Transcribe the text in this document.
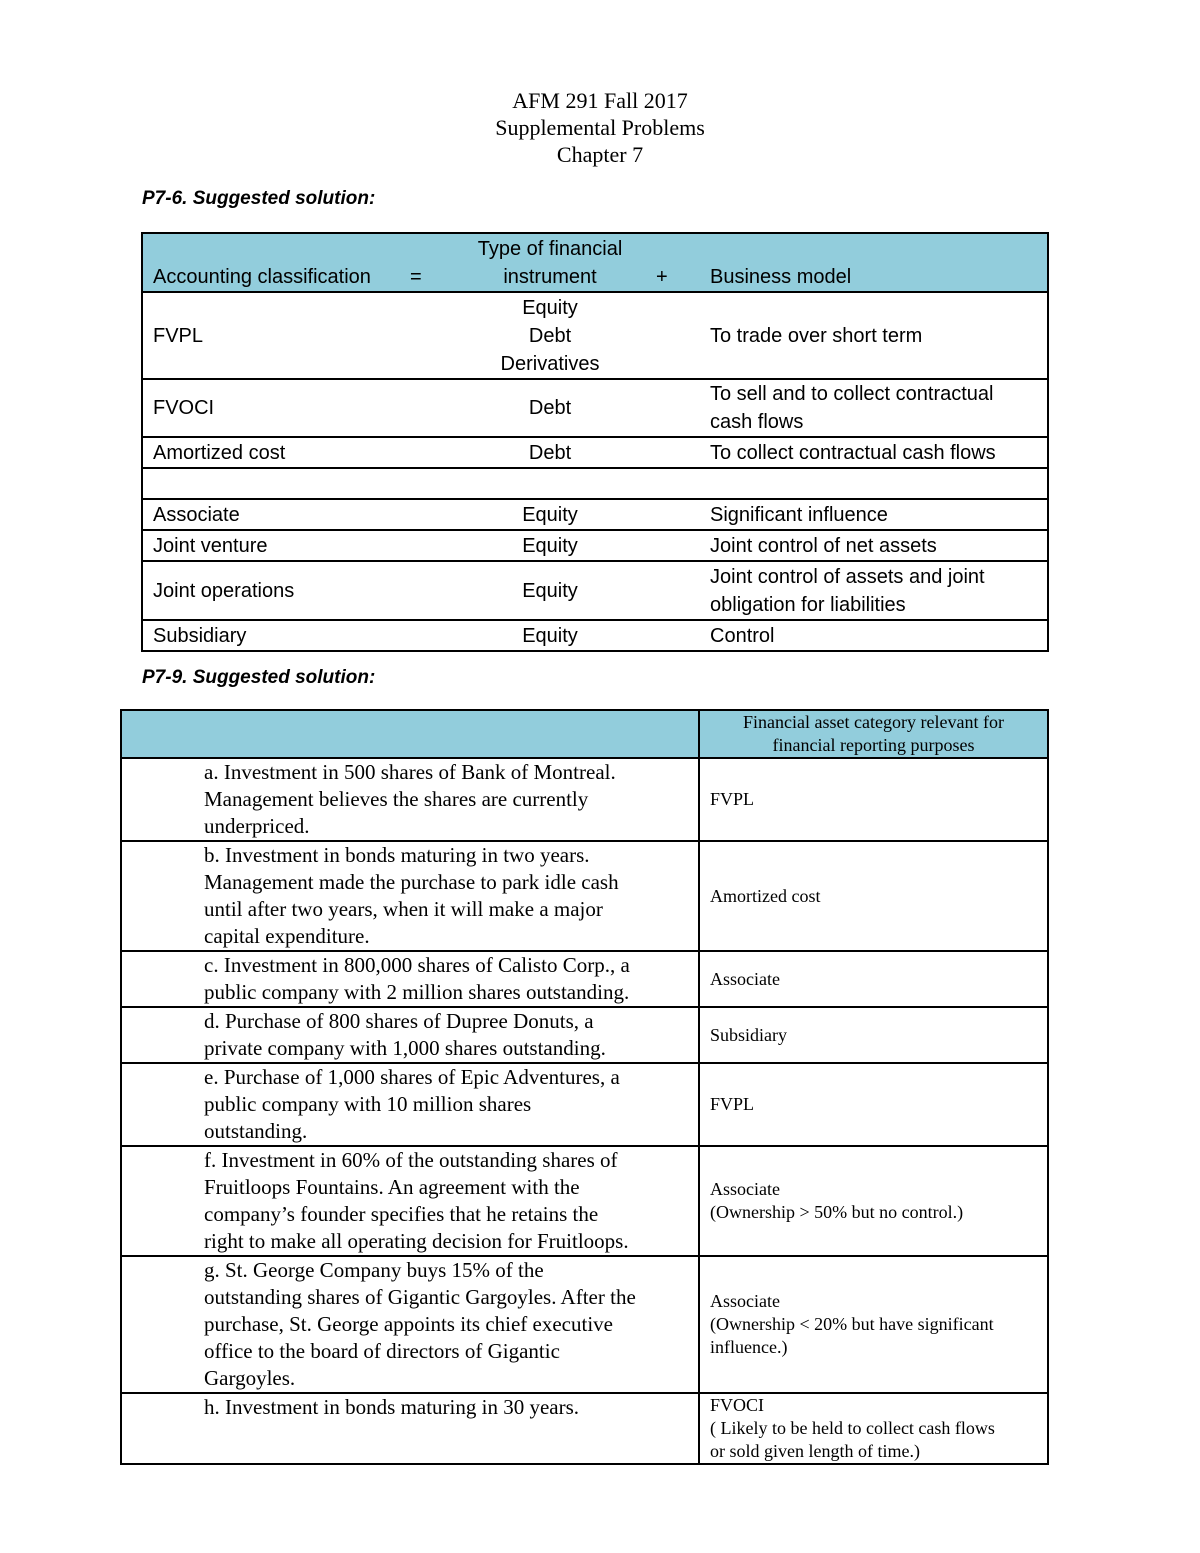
AFM 291 Fall 2017
Supplemental Problems
Chapter 7
P7-6. Suggested solution:
Accounting classification	=	Type of financial
instrument	+	Business model
FVPL		Equity
Debt
Derivatives		To trade over short term

FVOCI		Debt		To sell and to collect contractual
cash flows

Amortized cost		Debt		To collect contractual cash flows

Associate		Equity		Significant influence

Joint venture		Equity		Joint control of net assets

Joint operations		Equity		Joint control of assets and joint
obligation for liabilities

Subsidiary		Equity		Control
P7-9. Suggested solution:

	Financial asset category relevant for
financial reporting purposes

a. Investment in 500 shares of Bank of Montreal.
Management believes the shares are currently
underpriced.	FVPL

b. Investment in bonds maturing in two years.
Management made the purchase to park idle cash
until after two years, when it will make a major
capital expenditure.	Amortized cost

c. Investment in 800,000 shares of Calisto Corp., a
public company with 2 million shares outstanding.	Associate

d. Purchase of 800 shares of Dupree Donuts, a
private company with 1,000 shares outstanding.	Subsidiary

e. Purchase of 1,000 shares of Epic Adventures, a
public company with 10 million shares
outstanding.	FVPL

f. Investment in 60% of the outstanding shares of
Fruitloops Fountains. An agreement with the
company’s founder specifies that he retains the
right to make all operating decision for Fruitloops.	Associate
(Ownership > 50% but no control.)

g. St. George Company buys 15% of the
outstanding shares of Gigantic Gargoyles. After the
purchase, St. George appoints its chief executive
office to the board of directors of Gigantic
Gargoyles.	Associate
(Ownership < 20% but have significant
influence.)

h. Investment in bonds maturing in 30 years.	FVOCI
( Likely to be held to collect cash flows
or sold given length of time.)
